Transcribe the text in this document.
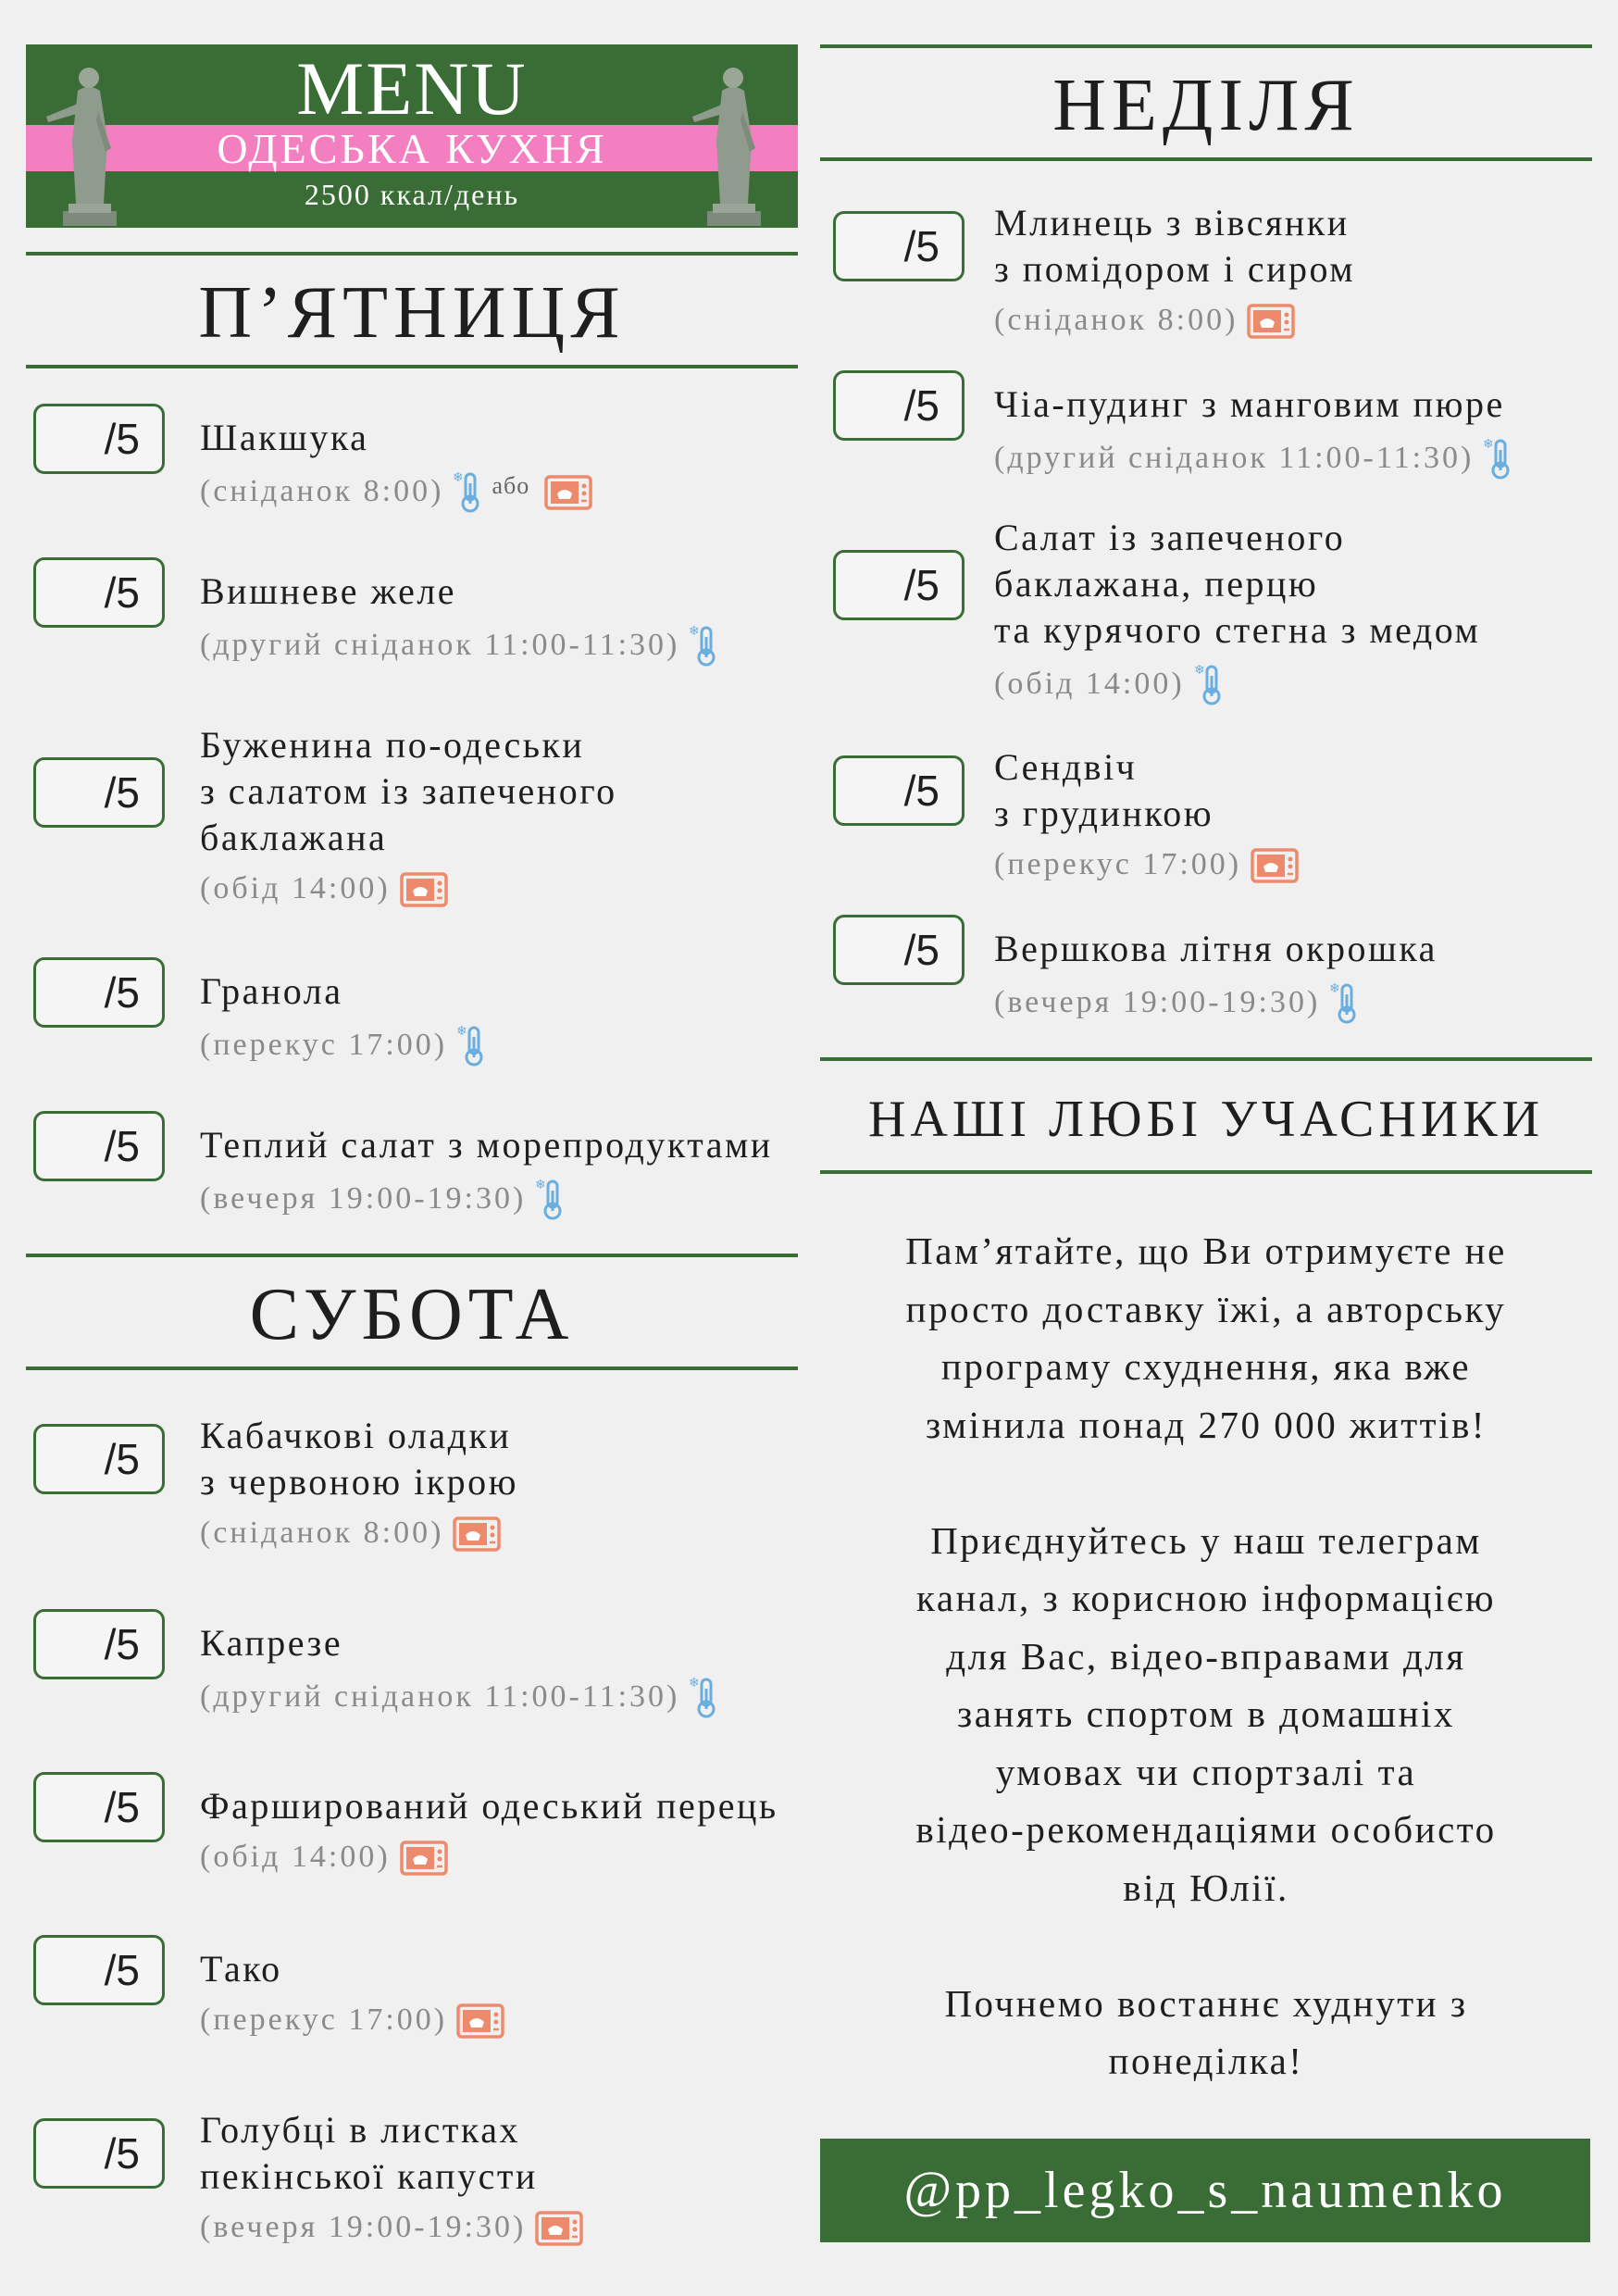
MENU
ОДЕСЬКА КУХНЯ
2500 ккал/день
П’ЯТНИЦЯ
СУБОТА
НЕДІЛЯ
НАШІ ЛЮБІ УЧАСНИКИ
/5	Шакшука
(сніданок 8:00) ❄ або
/5	Вишневе желе
(другий сніданок 11:00-11:30) ❄
/5
Буженина по-одеськи
з салатом із запеченого
баклажана
(обід 14:00)
/5	Гранола
(перекус 17:00) ❄
/5	Теплий салат з морепродуктами
(вечеря 19:00-19:30) ❄
/5	Кабачкові оладки
з червоною ікрою
(сніданок 8:00)
/5	Капрезе
(другий сніданок 11:00-11:30) ❄
/5	Фарширований одеський перець
(обід 14:00)
/5	Тако
(перекус 17:00)
/5	Голубці в листках
пекінської капусти
(вечеря 19:00-19:30)
/5	Млинець з вівсянки
з помідором і сиром
(сніданок 8:00)
/5	Чіа-пудинг з манговим пюре
(другий сніданок 11:00-11:30) ❄
/5
Салат із запеченого
баклажана, перцю
та курячого стегна з медом
(обід 14:00) ❄
/5	Сендвіч
з грудинкою
(перекус 17:00)
/5	Вершкова літня окрошка
(вечеря 19:00-19:30) ❄

Пам’ятайте, що Ви отримуєте не

просто доставку їжі, а авторську

програму схуднення, яка вже

змінила понад 270 000 життів!

Приєднуйтесь у наш телеграм

канал, з корисною інформацією

для Вас, відео-вправами для

занять спортом в домашніх

умовах чи спортзалі та

відео-рекомендаціями особисто

від Юлії.

Почнемо востаннє худнути з

понеділка!

@pp_legko_s_naumenko
